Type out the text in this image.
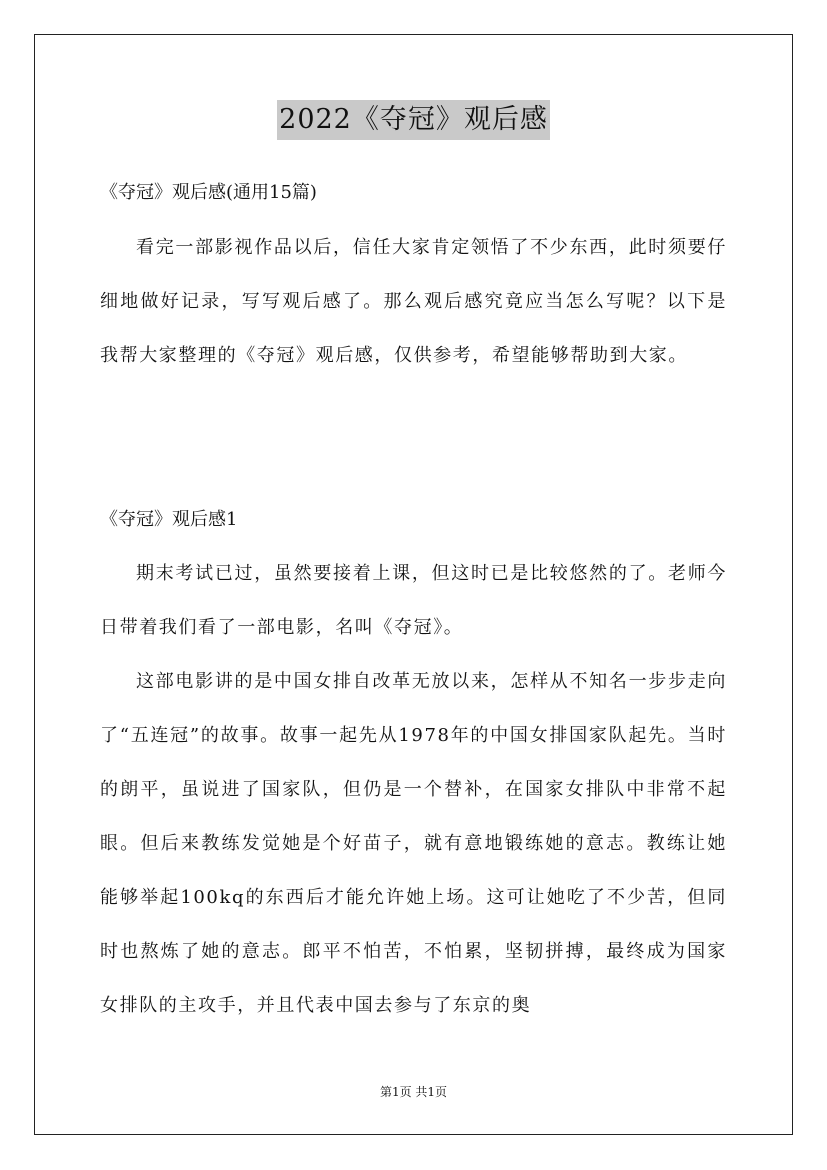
2022《夺冠》观后感

《夺冠》观后感(通用15篇)

看完一部影视作品以后，信任大家肯定领悟了不少东西，此时须要仔细地做好记录，写写观后感了。那么观后感究竟应当怎么写呢？以下是我帮大家整理的《夺冠》观后感，仅供参考，希望能够帮助到大家。

《夺冠》观后感1

期末考试已过，虽然要接着上课，但这时已是比较悠然的了。老师今日带着我们看了一部电影，名叫《夺冠》。

这部电影讲的是中国女排自改革无放以来，怎样从不知名一步步走向了“五连冠”的故事。故事一起先从1978年的中国女排国家队起先。当时的朗平，虽说进了国家队，但仍是一个替补，在国家女排队中非常不起眼。但后来教练发觉她是个好苗子，就有意地锻练她的意志。教练让她能够举起100kq的东西后才能允许她上场。这可让她吃了不少苦，但同时也熬炼了她的意志。郎平不怕苦，不怕累，坚韧拼搏，最终成为国家女排队的主攻手，并且代表中国去参与了东京的奥

第1页 共1页
